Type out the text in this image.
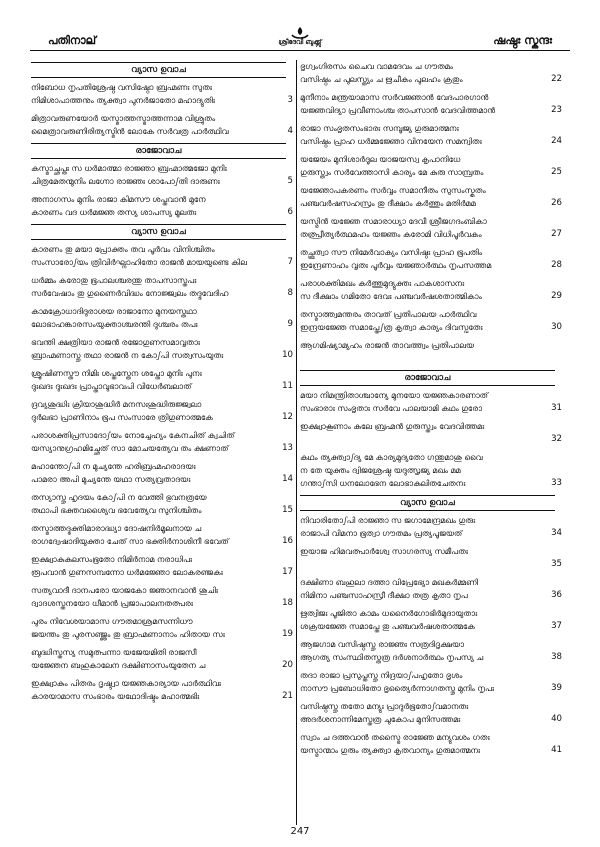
പതിനാല്	ശ്രീദേവി ബുക്ക്സ്	ഷഷ്ഠഃ സ്കന്ദഃ
വ്യാസ ഉവാച
നിബോധ നൃപതിശ്രേഷ്ഠ വസിഷ്ഠോ ബ്രഹ്മണഃ സുതഃ
നിമിശാപാത്തനും ത്യക്ത്വാ പുനർജാതോ മഹാദ്യുതിഃ	3
മിത്രാവരുണയോർ യസ്മാത്തസ്മാത്തന്നാമ വിശ്രുതം
മൈത്രാവരുണിരിത്യസ്മിൻ ലോകേ സർവത്ര പാർത്ഥിവ	4
രാജോവാച
കസ്മാച്ഛപ്തഃ സ ധർമാത്മാ രാജ്ഞാ ബ്രഹ്മാത്മജോ മുനിഃ
ചിത്രമേതന്മുനിം ലഗ്നോ രാജ്ഞഃ ശാപോഽതി ദാരുണഃ	5
അനാഗസം മുനിം രാജാ കിമസൗ ശപ്തവാൻ മുനേ
കാരണം വദ ധർമജ്ഞ തസ്യ ശാപസ്യ മൂലതഃ	6
വ്യാസ ഉവാച
കാരണം തു മയാ പ്രോക്തം തവ പൂർവം വിനിശ്ചിതം
സംസാരോഽയം ത്രിവിർഘ്നാഹിതോ രാജൻ മായയുണ്ടെ കില	7
ധർമ്മം കരോതു ഭൂപാലശ്ചരന്തു താപസാസ്തപഃ
സർവേഷാം തു ഗുണൈർവിദ്ധം നോജ്ജ്വലം തദ്ഭവേദിഹ	8
കാമക്രോധാദിദുരാശയ രാജാനോ മുനയസ്തഥാ
ലോഭാഹങ്കാരസംയുക്താശ്ചരന്തി ദുശ്ചരം തപഃ	9
ഭവന്തി ക്ഷത്രിയാ രാജൻ രജോഗുണസമാവൃതാഃ
ബ്രാഹ്മണാസ്തു തഥാ രാജൻ ന കോഽപി സത്വസംയുതഃ	10
ശ്രൂഷിണസ്തൗ നിമിഃ ശപ്തസ്തേന ശപ്തോ മുനിഃ പുനഃ
ദുഃഖദഃ ദുഃഖദഃ പ്രാപ്താവുഭാവപി വിധേർബലാത്	11
ദ്രവ്യശുദ്ധിഃ ക്രിയാശുദ്ധിർ മനസഃശുദ്ധിരുജ്ജ്വലാ
ദുർലഭാ പ്രാണിനാം ഭൂപ സംസാരേ ത്രിഗുണാത്മകേ	12
പരാശക്തിപ്രസാദോഽയം നോച്ചേഹ്യം കേനചിത് ക്വചിത്
യസ്യാനുഗ്രഹമിച്ഛേത് സാ മോചയത്യേവ തം ക്ഷണാത്	13
മഹാന്തോഽപി ന മുച്യന്തേ ഹരിബ്രഹ്മഹരാദയഃ
പാമരാ അപി മുച്യന്തേ യഥാ സത്യവ്രതാദയഃ	14
തസ്യാസ്തു ഹൃദയം കോഽപി ന വേത്തി ഭുവനത്രയേ
തഥാപി ഭക്തവശ്യൈവ ഭവേത്യേവ സുനിശ്ചിതം	15
തസ്മാത്തദ്ഭക്തിമാരാദ്ധ്യാ ദോഷനിർമൂലനായ ച
രാഗദ്വേഷാദിയുക്താ ചേത് സാ ഭക്തിർനാശിനീ ഭവേത്	16
ഇക്ഷ്വാകുകുലസംഭൂതോ നിമിർനാമ നരാധിപഃ
രൂപവാൻ ഗുണസമ്പന്നോ ധർമജ്ഞോ ലോകരഞ്ജകഃ	17
സത്യവാദീ ദാനപരോ യാജകോ ജ്ഞാനവാൻ ശുചിഃ
ദ്വാദശസ്തനയോ ധീമാൻ പ്രജാപാലനതത്പരഃ	18
പുരം നിവേശയാമാസ ഗൗതമാശ്രമസന്നിധൗ
ജയന്തം തു പുരസഞ്ജ്ഞം തു ബ്രാഹ്മണാനാം ഹിതായ സഃ	19
ബുദ്ധിസ്തസ്യ സമുത്പന്നാ യജേയമിതി രാജസീ
യജ്ഞേന ബഹുകാലേന ദക്ഷിണാസംയുതേന ച	20
ഇക്ഷ്വാകും പിതരം ദൃഷ്ട്വാ യജ്ഞകാര്യായ പാർത്ഥിവഃ
കാരയാമാസ സംഭാരം യഥോദിഷ്ടം മഹാത്മഭിഃ	21
ഭൃഗ്വംഗിരസം ചൈവ വാമദേവം ച ഗൗതമം
വസിഷ്ഠം ച പുലസ്ത്യം ച ഋചീകം പുലഹം ക്രതും	22
മുനീനാം മന്ത്രയാമാസ സർവജ്ഞാൻ വേദപാരഗാൻ
യജ്ഞവിദ്യാ പ്രവീണാംശ്ച താപസാൻ വേദവിത്തമാൻ	23
രാജാ സംഭൃതസംഭാരഃ സമ്പൂജ്യ ഗുരുമാത്മനഃ
വസിഷ്ഠം പ്രാഹ ധർമ്മജ്ഞോ വിനയേന സമന്വിതഃ	24
യജേയം മുനിശാർദൂല യാജയസ്വ കൃപാനിധേ
ഗുരുസ്ത്വം സർവേത്താസി കാര്യം മേ കുരു സാമ്പ്രതം	25
യജ്ഞോപകരണം സർവ്വം സമാനീതം സുസംസ്കൃതം
പഞ്ചവർഷസഹസ്രം തു ദീക്ഷാം കർത്തും മതിർമമ	26
യസ്മിൻ യജ്ഞേ സമാരാധ്യാ ദേവീ ശ്രീജഗദംബികാ
തത്പ്രീത്യർത്ഥമഹം യജ്ഞം കരോമി വിധിപൂർവകം	27
തച്ഛ്രുത്വാ സൗ നിമേർവാക്യം വസിഷ്ഠഃ പ്രാഹ ഭൂപതിം
ഇന്ദ്രേണാഹം വൃതഃ പൂർവ്വം യജ്ഞാർത്ഥം നൃപസത്തമ	28
പരാശക്തിമഖം കർത്തുമുദ്യുക്തഃ പാകശാസനഃ
സ ദീക്ഷാം ഗമിതോ ദേവഃ പഞ്ചവർഷശതാത്മികാം	29
തസ്മാത്ത്വമന്തരം താവത് പ്രതിപാലയ പാർത്ഥിവ
ഇന്ദ്രയജ്ഞേ സമാപ്തേഽത്ര കൃത്വാ കാര്യം ദിവസ്പതേഃ	30
ആഗമിഷ്യാമ്യഹം രാജൻ താവത്ത്വം പ്രതിപാലയ
രാജോവാച
മയാ നിമന്ത്രിതാശ്ചാന്യേ മുനയോ യജ്ഞകാരണാത്
സംഭാരാഃ സംഭൃതാഃ സർവേ പാലയാമി കഥം ഗുരോ	31
ഇക്ഷ്വാകൂണാം കുലേ ബ്രഹ്മൻ ഗുരുസ്ത്വം വേദവിത്തമഃ
32
കഥം ത്യക്ത്വാഽദ്യ മേ കാര്യമുദ്യതോ ഗന്തുമാശു വൈ
ന തേ യുക്തം ദ്വിജശ്രേഷ്ഠ യദുത്സൃജ്യ മഖം മമ
ഗന്താഽസി ധനലോഭേന ലോഭാകുലിതചേതനഃ	33
വ്യാസ ഉവാച
നിവാരിതോഽപി രാജ്ഞാ സ ജഗാമേന്ദ്രമഖം ഗുരുഃ
രാജാപി വിമനാ ഭൂത്വാ ഗൗതമം പ്രത്യപൂജയത്	34
ഇയാജ ഹിമവത്പാർശ്വേ സാഗരസ്യ സമീപതഃ
35
ദക്ഷിണാ ബഹുലാ ദത്താ വിപ്രേഭ്യോ മഖകർമ്മണി
നിമിനാ പഞ്ചസാഹസ്രീ ദീക്ഷാ തത്ര കൃതാ നൃപ	36
ഋത്വിജഃ പൂജിതാ കാമം ധനൈർഗോഭിർമുദായുതാഃ
ശക്രയജ്ഞേ സമാപ്തേ തു പഞ്ചവർഷശതാത്മകേ	37
ആജഗാമ വസിഷ്ഠസ്തു രാജ്ഞഃ സത്രദിദൃക്ഷയാ
ആഗത്യ സംസ്ഥിതസ്തത്ര ദർശനാർത്ഥം നൃപസ്യ ച	38
തദാ രാജാ പ്രസുപ്തസ്തു നിദ്രയാഽപഹൃതോ ഭൃശം
നാസൗ പ്രബോധിതോ ഭൃത്യൈർന്നാഗതസ്തു മുനിം നൃപഃ	39
വസിഷ്ഠസ്തു തതോ മന്യുഃ പ്രാദുർഭൂതോഽവമാനതഃ
അദർശനാന്നിമേസ്തത്ര ചുകോപ മുനിസത്തമഃ	40
സ്വാം ച ദത്തവാൻ തസ്മൈ രാജ്ഞേ മന്യുവശം ഗതഃ
യസ്മാന്മാം ഗുരും ത്യക്ത്വാ കൃതവാന്യം ഗുരുമാത്മനഃ	41
247
